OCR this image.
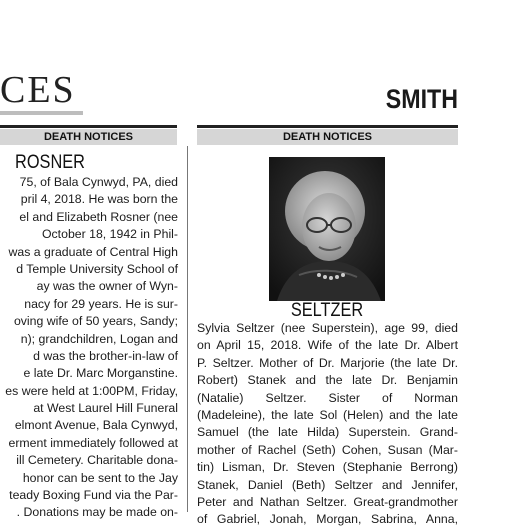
CES	SMITH
DEATH NOTICES	DEATH NOTICES
ROSNER
75, of Bala Cynwyd, PA, died
pril 4, 2018. He was born the
el and Elizabeth Rosner (nee
October 18, 1942 in Phil-
was a graduate of Central High
d Temple University School of
ay was the owner of Wyn-
nacy for 29 years. He is sur-
oving wife of 50 years, Sandy;
n); grandchildren, Logan and
d was the brother-in-law of
e late Dr. Marc Morganstine.
es were held at 1:00PM, Friday,
at West Laurel Hill Funeral
elmont Avenue, Bala Cynwyd,
erment immediately followed at
ill Cemetery. Charitable dona-
honor can be sent to the Jay
teady Boxing Fund via the Par-
. Donations may be made on-
SELTZER
Sylvia Seltzer (nee Superstein), age 99, died
on April 15, 2018. Wife of the late Dr. Albert
P. Seltzer. Mother of Dr. Marjorie (the late Dr.
Robert) Stanek and the late Dr. Benjamin
(Natalie) Seltzer. Sister of Norman
(Madeleine), the late Sol (Helen) and the late
Samuel (the late Hilda) Superstein. Grand-
mother of Rachel (Seth) Cohen, Susan (Mar-
tin) Lisman, Dr. Steven (Stephanie Berrong)
Stanek, Daniel (Beth) Seltzer and Jennifer,
Peter and Nathan Seltzer. Great-grandmother
of Gabriel, Jonah, Morgan, Sabrina, Anna,
